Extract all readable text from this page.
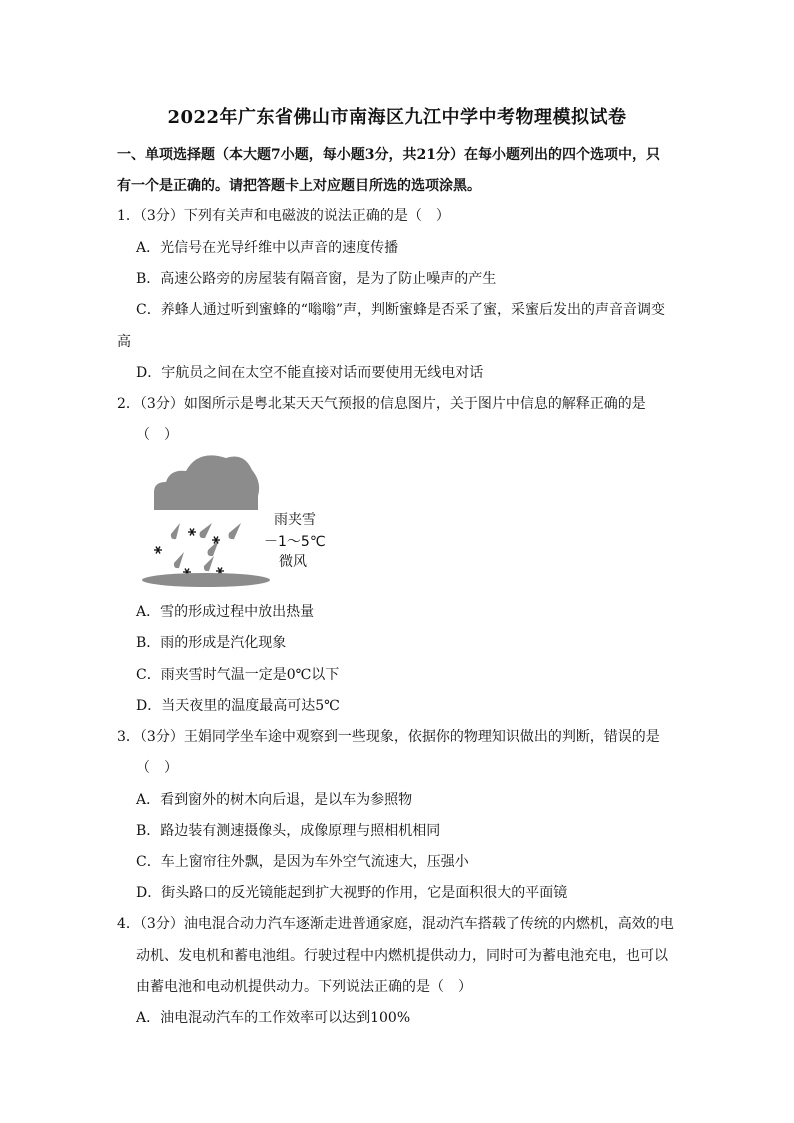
2022年广东省佛山市南海区九江中学中考物理模拟试卷
一、单项选择题（本大题7小题，每小题3分，共21分）在每小题列出的四个选项中，只
有一个是正确的。请把答题卡上对应题目所选的选项涂黑。
1．（3分）下列有关声和电磁波的说法正确的是（　）
A．光信号在光导纤维中以声音的速度传播
B．高速公路旁的房屋装有隔音窗，是为了防止噪声的产生
C．养蜂人通过听到蜜蜂的“嗡嗡”声，判断蜜蜂是否采了蜜，采蜜后发出的声音音调变
高
D．宇航员之间在太空不能直接对话而要使用无线电对话
2．（3分）如图所示是粤北某天天气预报的信息图片，关于图片中信息的解释正确的是
（　）
雨夹雪
－1～5℃
微风
A．雪的形成过程中放出热量
B．雨的形成是汽化现象
C．雨夹雪时气温一定是0℃以下
D．当天夜里的温度最高可达5℃
3．（3分）王娟同学坐车途中观察到一些现象，依据你的物理知识做出的判断，错误的是
（　）
A．看到窗外的树木向后退，是以车为参照物
B．路边装有测速摄像头，成像原理与照相机相同
C．车上窗帘往外飘，是因为车外空气流速大，压强小
D．街头路口的反光镜能起到扩大视野的作用，它是面积很大的平面镜
4．（3分）油电混合动力汽车逐渐走进普通家庭，混动汽车搭载了传统的内燃机，高效的电
动机、发电机和蓄电池组。行驶过程中内燃机提供动力，同时可为蓄电池充电，也可以
由蓄电池和电动机提供动力。下列说法正确的是（　）
A．油电混动汽车的工作效率可以达到100%
